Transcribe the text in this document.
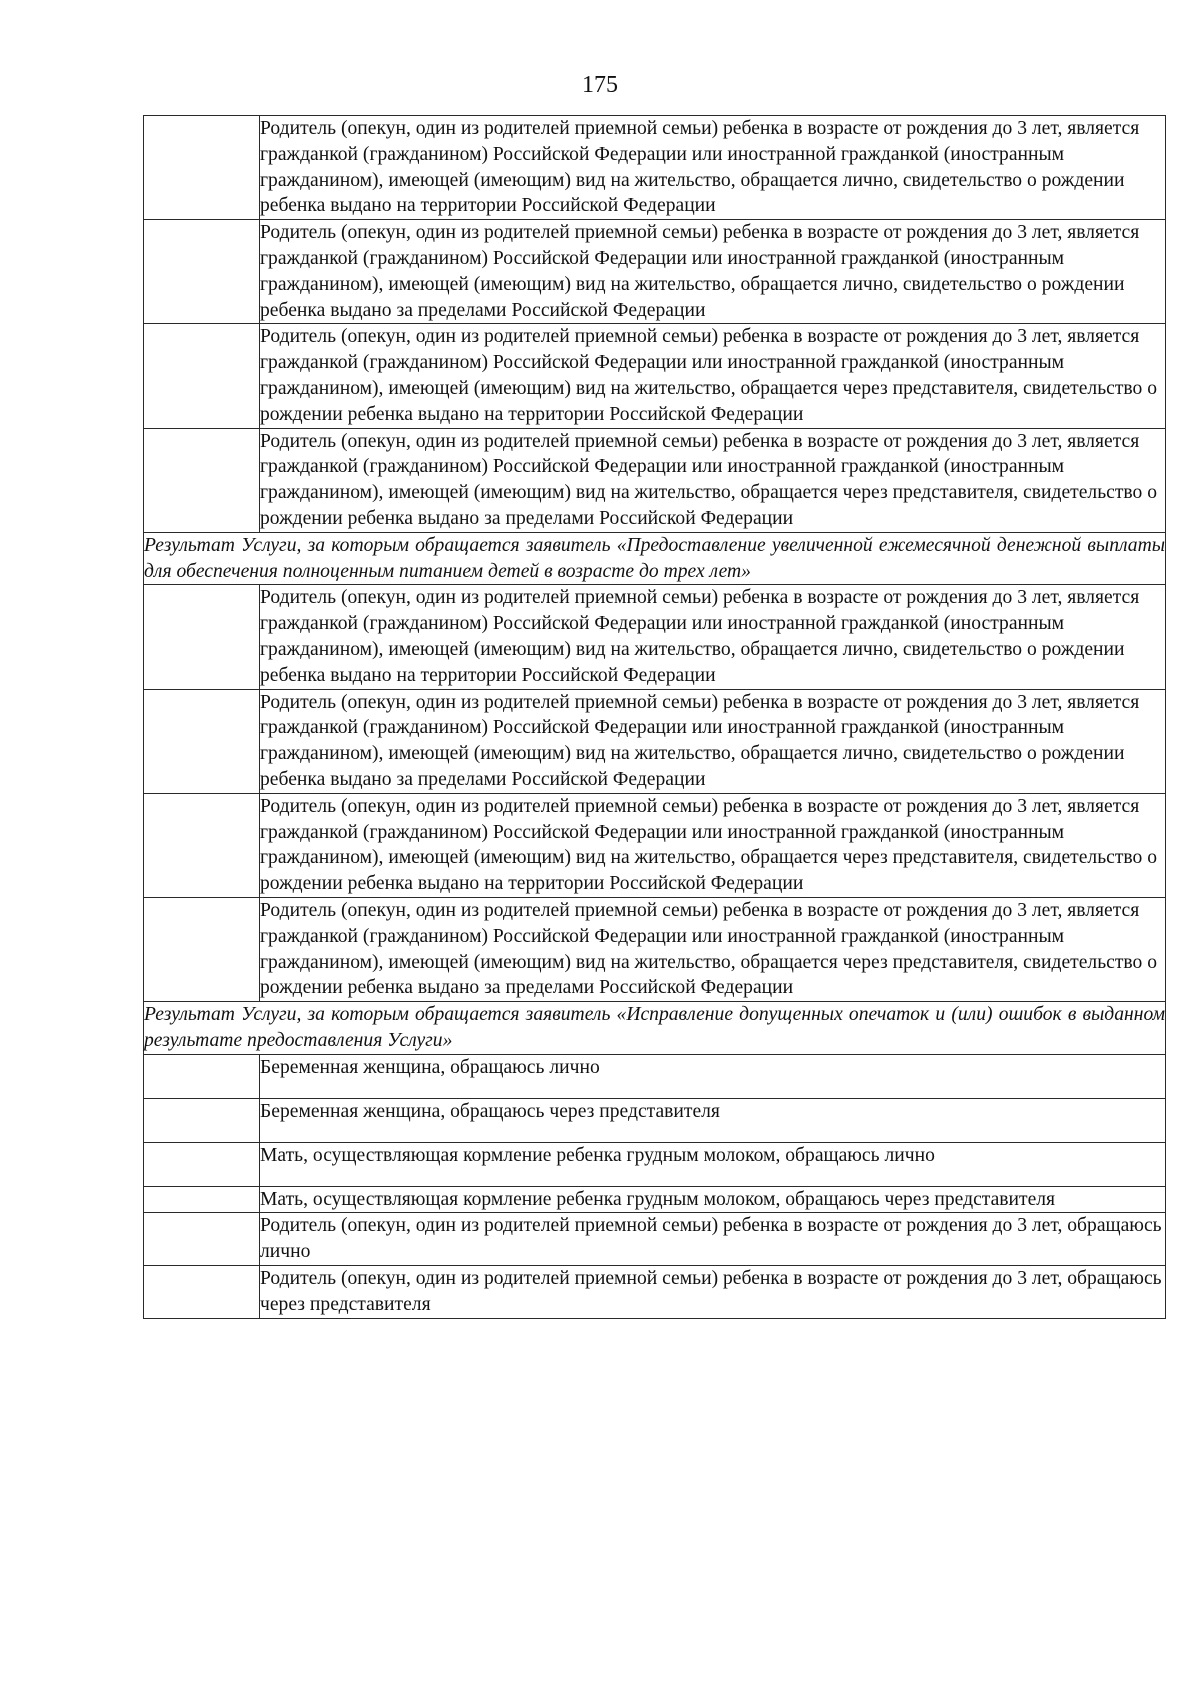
175
	Родитель (опекун, один из родителей приемной семьи) ребенка в возрасте от рождения до 3 лет, является гражданкой (гражданином) Российской Федерации или иностранной гражданкой (иностранным гражданином), имеющей (имеющим) вид на жительство, обращается лично, свидетельство о рождении ребенка выдано на территории Российской Федерации
	Родитель (опекун, один из родителей приемной семьи) ребенка в возрасте от рождения до 3 лет, является гражданкой (гражданином) Российской Федерации или иностранной гражданкой (иностранным гражданином), имеющей (имеющим) вид на жительство, обращается лично, свидетельство о рождении ребенка выдано за пределами Российской Федерации
	Родитель (опекун, один из родителей приемной семьи) ребенка в возрасте от рождения до 3 лет, является гражданкой (гражданином) Российской Федерации или иностранной гражданкой (иностранным гражданином), имеющей (имеющим) вид на жительство, обращается через представителя, свидетельство о рождении ребенка выдано на территории Российской Федерации
	Родитель (опекун, один из родителей приемной семьи) ребенка в возрасте от рождения до 3 лет, является гражданкой (гражданином) Российской Федерации или иностранной гражданкой (иностранным гражданином), имеющей (имеющим) вид на жительство, обращается через представителя, свидетельство о рождении ребенка выдано за пределами Российской Федерации
Результат Услуги, за которым обращается заявитель «Предоставление увеличенной ежемесячной денежной выплаты для обеспечения полноценным питанием детей в возрасте до трех лет»	
	Родитель (опекун, один из родителей приемной семьи) ребенка в возрасте от рождения до 3 лет, является гражданкой (гражданином) Российской Федерации или иностранной гражданкой (иностранным гражданином), имеющей (имеющим) вид на жительство, обращается лично, свидетельство о рождении ребенка выдано на территории Российской Федерации
	Родитель (опекун, один из родителей приемной семьи) ребенка в возрасте от рождения до 3 лет, является гражданкой (гражданином) Российской Федерации или иностранной гражданкой (иностранным гражданином), имеющей (имеющим) вид на жительство, обращается лично, свидетельство о рождении ребенка выдано за пределами Российской Федерации
	Родитель (опекун, один из родителей приемной семьи) ребенка в возрасте от рождения до 3 лет, является гражданкой (гражданином) Российской Федерации или иностранной гражданкой (иностранным гражданином), имеющей (имеющим) вид на жительство, обращается через представителя, свидетельство о рождении ребенка выдано на территории Российской Федерации
	Родитель (опекун, один из родителей приемной семьи) ребенка в возрасте от рождения до 3 лет, является гражданкой (гражданином) Российской Федерации или иностранной гражданкой (иностранным гражданином), имеющей (имеющим) вид на жительство, обращается через представителя, свидетельство о рождении ребенка выдано за пределами Российской Федерации
Результат Услуги, за которым обращается заявитель «Исправление допущенных опечаток и (или) ошибок в выданном результате предоставления Услуги»	
	Беременная женщина, обращаюсь лично
	Беременная женщина, обращаюсь через представителя
	Мать, осуществляющая кормление ребенка грудным молоком, обращаюсь лично
	Мать, осуществляющая кормление ребенка грудным молоком, обращаюсь через представителя
	Родитель (опекун, один из родителей приемной семьи) ребенка в возрасте от рождения до 3 лет, обращаюсь лично
	Родитель (опекун, один из родителей приемной семьи) ребенка в возрасте от рождения до 3 лет, обращаюсь через представителя
